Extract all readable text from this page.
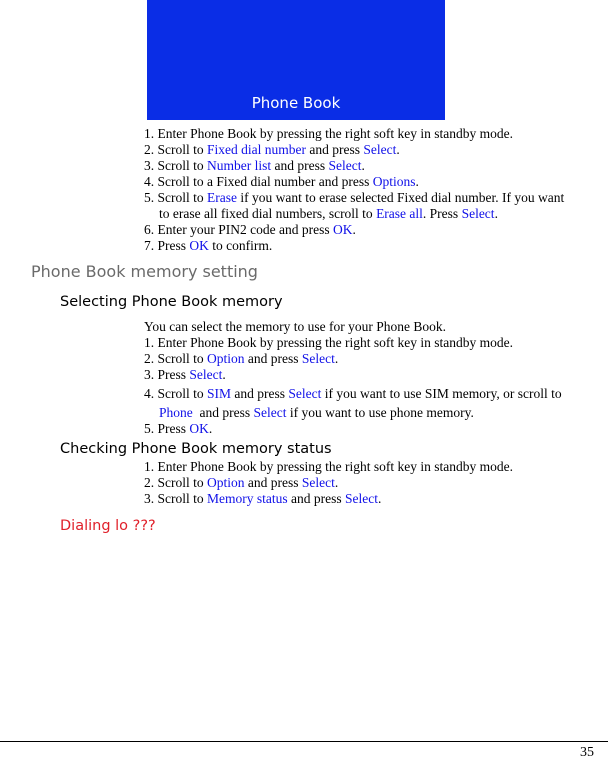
Phone Book
1. Enter Phone Book by pressing the right soft key in standby mode.
2. Scroll to Fixed dial number and press Select.
3. Scroll to Number list and press Select.
4. Scroll to a Fixed dial number and press Options.
5. Scroll to Erase if you want to erase selected Fixed dial number. If you want
to erase all fixed dial numbers, scroll to Erase all. Press Select.
6. Enter your PIN2 code and press OK.
7. Press OK to confirm.
Phone Book memory setting
Selecting Phone Book memory
You can select the memory to use for your Phone Book.
1. Enter Phone Book by pressing the right soft key in standby mode.
2. Scroll to Option and press Select.
3. Press Select.
4. Scroll to SIM and press Select if you want to use SIM memory, or scroll to
Phone  and press Select if you want to use phone memory.
5. Press OK.
Checking Phone Book memory status
1. Enter Phone Book by pressing the right soft key in standby mode.
2. Scroll to Option and press Select.
3. Scroll to Memory status and press Select.
Dialing lo ???
35
